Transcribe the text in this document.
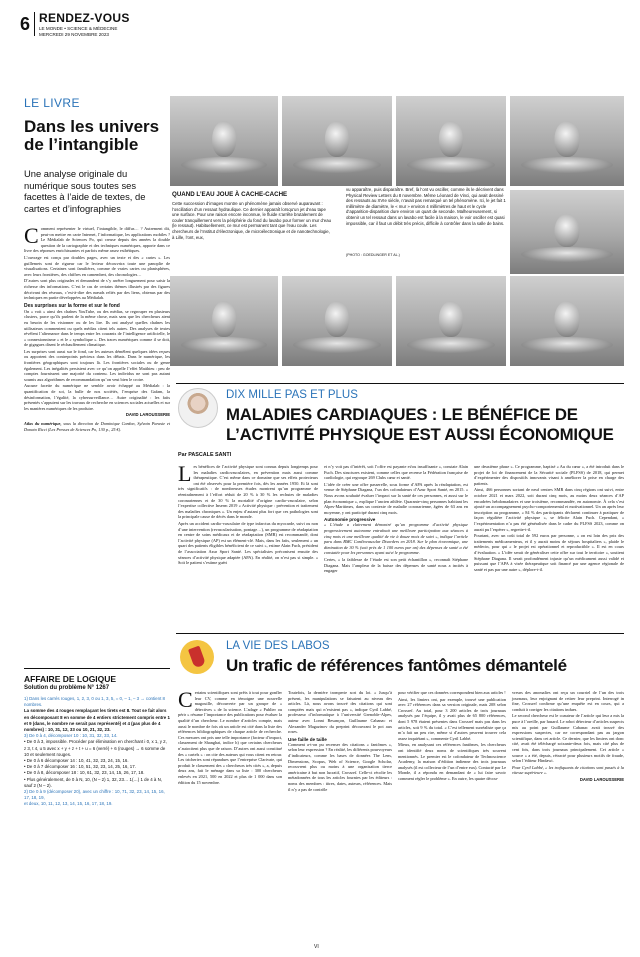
6 RENDEZ-VOUS
LE MONDE • SCIENCE & MÉDECINE
MERCREDI 29 NOVEMBRE 2023
LE LIVRE
Dans les univers de l’intangible
Une analyse originale du numérique sous toutes ses facettes à l’aide de textes, de cartes et d’infographies

Comment représenter le virtuel, l’intangible, le diffus… ? Autrement dit, peut-on mettre en carte Internet, l’informatique, les applications mobiles ? Le Médialab de Sciences Po, qui creuse depuis des années la double question de la cartographie et des techniques numériques, apporte dans ce livre des réponses enrichissantes et parfois même assez esthétiques.

L’ouvrage est conçu par doubles pages, avec un texte et des « cartes ». Les guillemets sont de rigueur car le lecteur découvrira toute une panoplie de visualisations. Certaines sont familières, comme de vraies cartes ou planisphères, avec leurs frontières, des chiffres en camembert, des chronologies…

D’autres sont plus originales et demandent de s’y arrêter longuement pour saisir la richesse des informations. C’est le cas de certains thèmes illustrés par des figures décrivant des réseaux, c’est-à-dire des nœuds reliés par des liens, obtenus par des techniques en partie développées au Médialab.

Des surprises sur la forme et sur le fond

On « voit » ainsi des chaînes YouTube, ou des médias, se regrouper en plusieurs clusters, parce qu’ils parlent de la même chose, mais sans que les chercheurs aient eu besoin de les visionner ou de les lire. Ils ont analysé quelles chaînes les utilisateurs commentent ou quels médias citent tels autres. Des analyses de textes révèlent l’alternance dans le temps entre les courants de l’intelligence artificielle, le « connexionnisme » et le « symbolique ». Des traces numériques comme il se doit, de gigagues disent le réchauffement climatique.

Les surprises sont aussi sur le fond, car les auteurs démêlent quelques idées reçues ou apportent des contrepoints précieux dans les débats. Dans le numérique, les frontières géographiques sont toujours là. Les frontières sociales ou de genre également. Les inégalités persistent avec ce qu’on appelle l’effet Matthieu : peu de comptes fournissent une majorité du contenu. Les individus ne sont pas autant soumis aux algorithmes de recommandation qu’on veut bien le croire.

Aucune facette du numérique ne semble avoir échappé au Médialab : la quantification de soi, la bulle de nos sociétés, l’emprise des Gafam, la désinformation, l’égalité, la cybersurveillance… Autre originalité : les faits présentés s’appuient sur les travaux de recherche en sciences sociales actuelles et sur les manières numériques de les produire.

DAVID LAROUSSERIE

Atlas du numérique, sous la direction de Dominique Cardon, Sylvain Parasie et Donato Ricci (Les Presses de Sciences Po, 130 p., 25 €).

AFFAIRE DE LOGIQUE
Solution du problème N° 1267
1) Dans les carrés rouges, 1, 2, 3, 0 ou 1, 3, 5, = 0, – 1, – 3 → contient 8 nombres.
La somme des 4 rouges remplaçant les tirets est 8. Tout se fait alors en décomposant 8 en somme de 4 entiers strictement compris entre 1 et 9 (dans, le nombre ne serait pas représenté) et 4 (pas plus de 4 nombres) : 10, 31, 12, 33 ou 10, 21, 32, 23.
3) De 0 à 4, décomposer 10 : 10, 31, 32, 33, 14.
• De 0 à 3, impossible. Procéder par élimination en cherchant i 0, x 1, y 2, z 3, t 4, u 5 avec x + y + z + t + u = 6 (verré) + 6 (rouges) → 6 somme de 10 et seulement rouges.
• De 0 à 6 décomposer 14 : 10, 41, 32, 23, 24, 15, 16.
• De 0 à 7 décomposer 16 : 10, 51, 32, 23, 14, 25, 16, 17.
• De 0 à 8, décomposer 18 : 10, 61, 32, 23, 14, 15, 26, 17, 18.
• Plus généralement, de 0 à N, 10, (N – 2) 1, 32, 23… 1(…) 1 de 4 à N, sauf 2 (N – 2).
2) De 0 à 9 (décomposer 20), avec un chiffre : 10, 71, 32, 23, 14, 15, 16, 17, 18, 19,
et deux, 10, 11, 12, 13, 14, 15, 16, 17, 18, 19.
QUAND L’EAU JOUE À CACHE-CACHE
Cette succession d’images montre un phénomène jamais observé auparavant : l’oscillation d’un ressaut hydraulique. Ce dernier apparaît lorsqu’un jet d’eau tape une surface. Pour une raison encore inconnue, le fluide s’arrête brutalement de couler tranquillement vers la périphérie du fond du lavabo pour former un mur d’eau (le ressaut). Habituellement, ce mur est permanent tant que l’eau coule. Les chercheurs de l’Institut d’électronique, de microélectronique et de nanotechnologie, à Lille, l’ont, eux,
vu apparaître, puis disparaître. Bref, là l’ont vu osciller, comme ils le décrivent dans Physical Review Letters du 8 novembre. Même Léonard de Vinci, qui avait dessiné des ressauts au XVIe siècle, n’avait pas remarqué un tel phénomène. Ici, le jet fait 1 millimètre de diamètre, le « mur » environ 4 millimètres de haut et le cycle d’apparition-disparition dure environ un quart de seconde. Malheureusement, si obtenir un tel ressaut dans un lavabo est facile à la maison, le voir osciller est quasi impossible, car il faut un débit très précis, difficile à contrôler dans la salle de bains.
(PHOTO : GOEDLINGER ET AL.)
DIX MILLE PAS ET PLUS
MALADIES CARDIAQUES : LE BÉNÉFICE DE
L’ACTIVITÉ PHYSIQUE EST AUSSI ÉCONOMIQUE
Par PASCALE SANTI

Les bénéfices de l’activité physique sont connus depuis longtemps pour les maladies cardiovasculaires, en prévention mais aussi comme thérapeutique. C’est même dans ce domaine que ses effets protecteurs ont été observés pour la première fois, dès les années 1950. Et là sont très significatifs : de nombreuses études montrent qu’un programme de réentraînement à l’effort réduit de 20 % à 30 % les rechutes de maladies coronariennes et de 30 % la mortalité d’origine cardio-vasculaire, selon l’expertise collective Inserm 2019 « Activité physique : prévention et traitement des maladies chroniques ». Un enjeu d’autant plus fort que ces pathologies sont la principale cause de décès dans le monde.

Après un accident cardio-vasculaire de type infarctus du myocarde, suivi ou non d’une intervention (revascularisation, pontage…), un programme de réadaptation en centre de soins médicaux et de réadaptation (SMR) est recommandé, dont l’activité physique (AP) est un élément-clé. Mais, dans les faits, seulement « un quart des patients éligibles bénéficient de ce suivi », estime Alain Fuch, président de l’association Azur Sport Santé. Les spécialistes préconisent ensuite des séances d’activité physique adaptée (APA). En réalité, on n’est pas si simple. « Soit le patient s’estime guéri

et n’y voit pas d’intérêt, soit l’offre est payante et/ou insuffisante », constate Alain Fuch. Des structures existent, comme celles que recense la Fédération française de cardiologie, qui regroupe 269 Clubs cœur et santé.

L’idée de créer une offre passerelle, sous forme d’APA après la réadaptation, est venue de Stéphane Diagana, l’un des cofondateurs d’Azur Sport Santé, en 2015. « Nous avons souhaité évaluer l’impact sur la santé de ces personnes, et aussi sur le plan économique », explique l’ancien athlète. Quarante-cinq personnes habitant les Alpes-Maritimes, dans un contexte de maladie coronarienne, âgées de 63 ans en moyenne, y ont participé durant cinq mois.

Autonomie progressive

« L’étude a clairement démontré qu’un programme d’activité physique progressivement autonome entraînait une meilleure participation aux séances à cinq mois et une meilleure qualité de vie à douze mois de suivi », indique l’article paru dans BMC Cardiovascular Disorders en 2018. Sur le plan économique, une diminution de 30 % (soit près de 1 100 euros par an) des dépenses de santé a été constatée pour les personnes ayant suivi le programme.

Certes, « la faiblesse de l’étude est son petit échantillon », reconnaît Stéphane Diagana. Mais l’ampleur de la baisse des dépenses de santé nous a incités à engager

une deuxième phase ». Ce programme, baptisé « Au du cœur », a été introduit dans le projet de loi de financement de la Sécurité sociale (PLFSS) de 2018, qui permet d’expérimenter des dispositifs innovants visant à améliorer la prise en charge des patients.

Ainsi, 466 personnes sortant de neuf centres SMR dans cinq régions ont suivi, entre octobre 2021 et mars 2022, soit durant cinq mois, au moins deux séances d’AP encadrées hebdomadaires et une troisième, recommandée, en autonomie. À cela s’est ajouté un accompagnement psycho-comportemental et motivationnel. Un an après leur inscription au programme, « 84 % des participants déclarent continuer à pratiquer de façon régulière l’activité physique », se félicite Alain Fuch. Cependant, « l’expérimentation n’a pas été généralisée dans le cadre du PLFSS 2023, comme on aurait pu l’espérer », regrette-t-il.

Pourtant, avec un coût total de 592 euros par personne, « on est loin des prix des traitements médicamenteux, et il y aurait moins de séjours hospitaliers », plaide le médecin, pour qui « le projet est opérationnel et reproductible ». Il est en cours d’évaluation. « L’idée serait de généraliser cette offre sur tout le territoire », soutient Stéphane Diagana. Il serait profondément injuste qu’un médicament aussi validé et puissant que l’APA à visée thérapeutique soit financé par une agence régionale de santé et pas par une autre », déplore-t-il.

LA VIE DES LABOS
Un trafic de références fantômes démantelé

Certains scientifiques sont prêts à tout pour gonfler leur CV, comme en témoigne une nouvelle magouille, découverte par un groupe de « détectives » de la science. L’adage « Publier ou périr » résume l’importance des publications pour évaluer la qualité d’un chercheur. Le nombre d’articles compte, mais aussi le nombre de fois où un article est cité dans la liste des références bibliographiques de chaque article de recherche. Ces mesures ont pris une telle importance (facteur d’impact, classement de Shanghai, indice h) que certains chercheurs n’autocitent plus que de raison. D’autres ont aussi constitué des « cartels » : on cite des auteurs qui vous citent en retour. Les tricheries sont répandues que l’entreprise Clarivate, qui produit le classement des « chercheurs très cités », a, depuis deux ans, fait le ménage dans sa liste : 300 chercheurs enlevés en 2021, 500 en 2022 et plus de 1 000 dans son édition du 15 novembre.

Toutefois, la dernière tromperie sort du lot. « Jusqu’à présent, les manipulations se faisaient au niveau des articles. Là, nous avons trouvé des citations qui sont comptées mais qui n’existent pas », indique Cyril Labbé, professeur d’informatique à l’université Grenoble-Alpes, auteur avec Lonni Besançon, Guillaume Cabanac et Alexander Magazinov du preprint découvrant le pot aux roses.

Une faille de taille

Comment a-t-on pu recenser des citations « fantômes », selon leur expression ? En réalité, les différents pourvoyeurs d’indicateurs, comme les bases de données The Lens, Dimensions, Scopus, Web of Science, Google Scholar, recouvrent plus ou moins à une organisation tierce américaine à but non lucratif, Crossref. Celle-ci récolte les métadonnées de tous les articles fournies par les éditeurs : noms des membres : titres, dates, auteurs, références. Mais il n’y a pas de contrôle

pour vérifier que ces données correspondent bien aux articles !

Ainsi, les limiers ont, par exemple, trouvé une publication avec 27 références dans sa version originale, mais 208 selon Crossref. Au total, pour 3 200 articles de trois journaux analysés par l’équipe, il y avait plus de 65 800 références, dont 5 978 étaient présentes dans Crossref mais pas dans les articles, soit 9 % du total. « C’est tellement surréaliste que ça m’a fait un peu rire, même si d’autres peuvent trouver cela assez inquiétant », commente Cyril Labbé.

Mieux, en analysant ces références fantômes, les chercheurs ont identifié deux noms de scientifiques très souvent mentionnés. Le premier est le cofondateur de Technoscience Academy, la maison d’édition indienne des trois journaux analysés (il est collecteur de l’un d’entre eux). Contacté par Le Monde, il a répondu en demandant de « lui faire savoir comment régler le problème ». En outre, les quatre décou-

vreurs des anomalies ont reçu un courriel de l’un des trois journaux, leur enjoignant de retirer leur preprint. Interrogé in fine, Crossref confirme qu’une enquête est en cours, qui a conduit à corriger les citations indues.

Le second chercheur est le coauteur de l’article qui leur a mis la puce à l’oreille, par hasard. Le robot détecteur d’articles suspects mis au point par Guillaume Cabanac avait trouvé des expressions suspectes, car ne correspondant pas au jargon scientifique, dans cet article. Ce dernier, que les limiers ont donc cité, avait été téléchargé soixante-deux fois, mais cité plus de cent fois, dans trois journaux principalement. Cet article « source » a été, depuis, rétracté pour plusieurs motifs de fraude, selon l’éditeur Hindawi.

Pour Cyril Labbé, « les trafiquants de citations sont passés à la vitesse supérieure ».

DAVID LAROUSSERIE
VI
